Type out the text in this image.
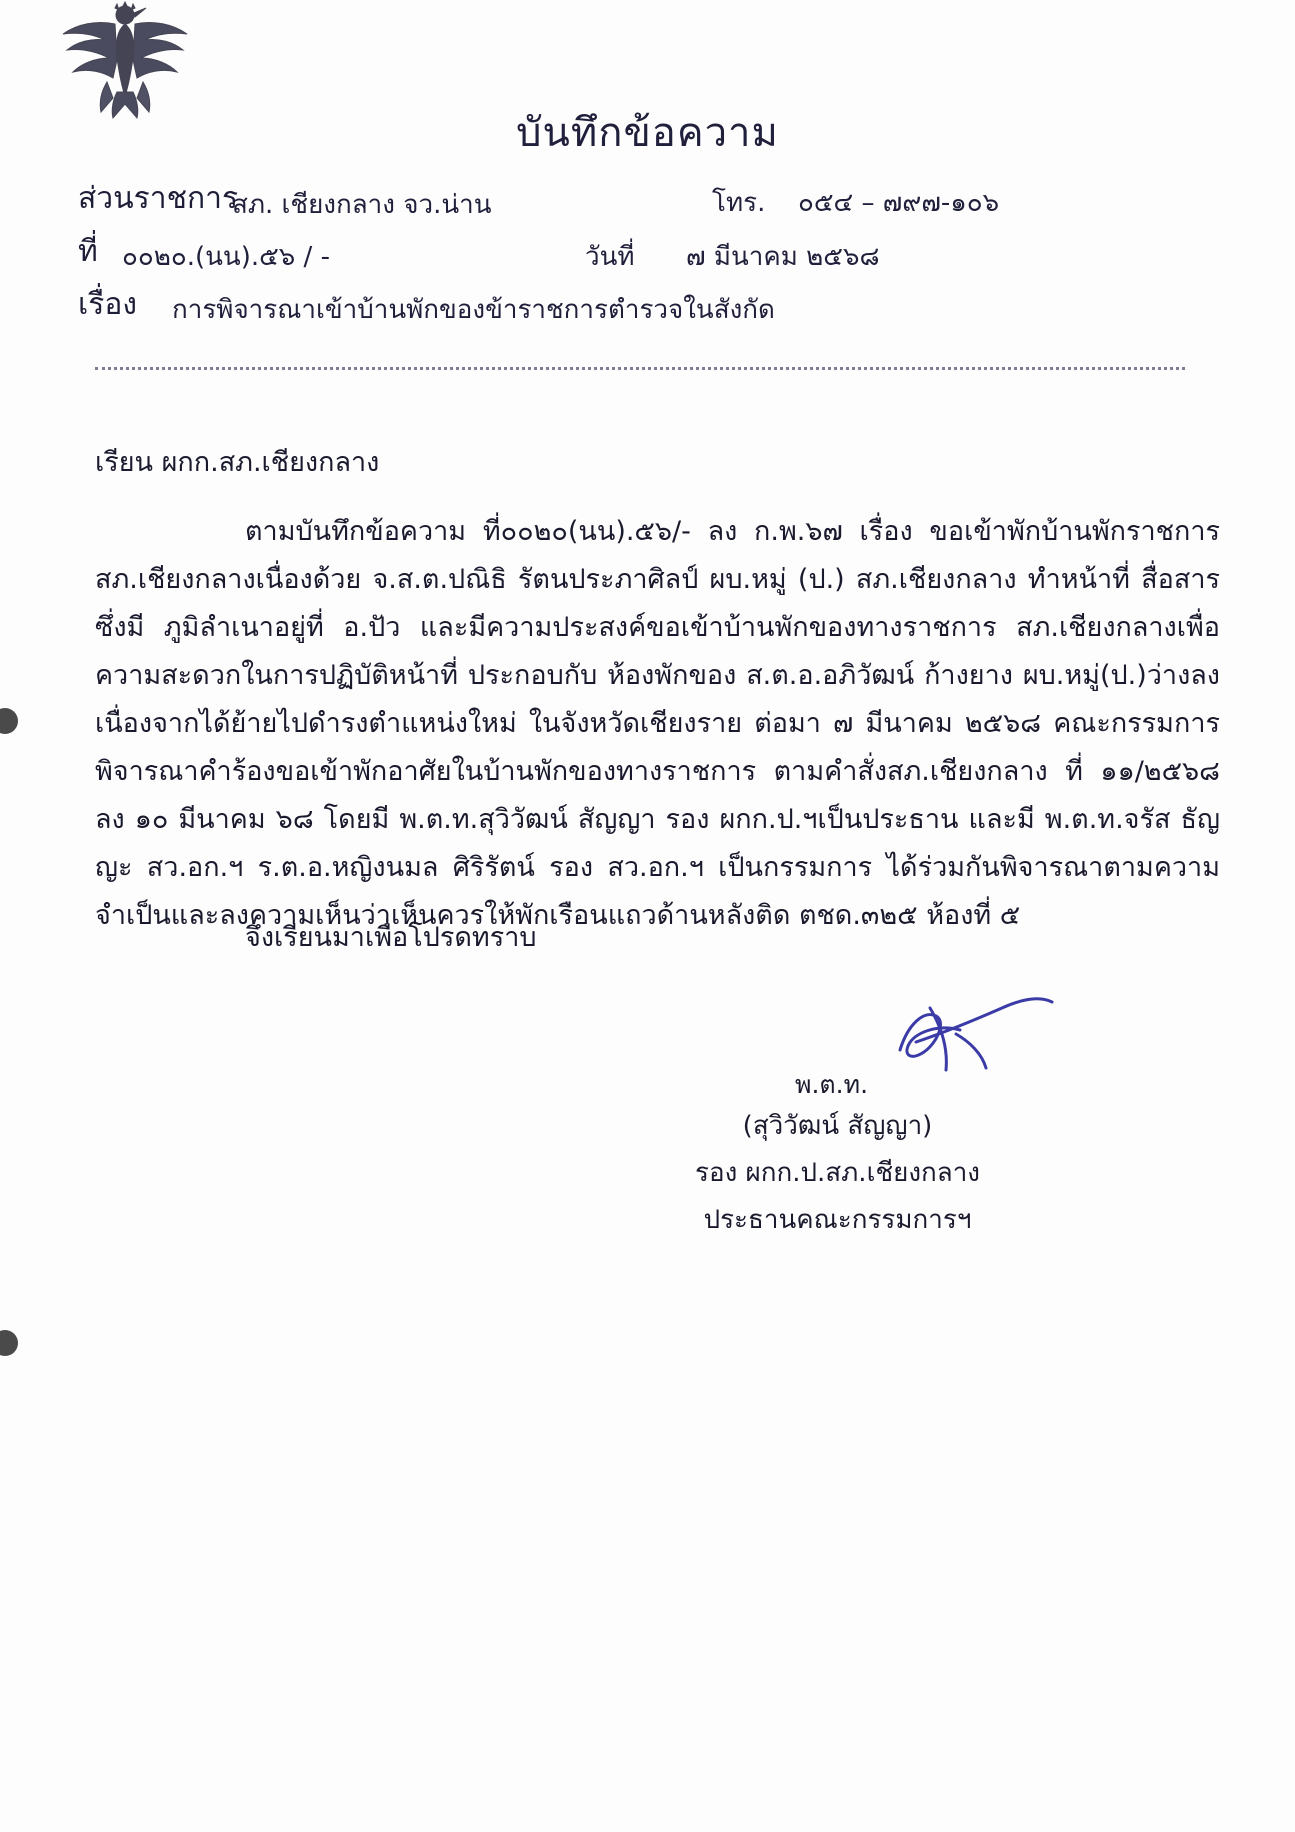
บันทึกข้อความ
ส่วนราชการ
สภ. เชียงกลาง จว.น่าน	โทร. ๐๕๔ – ๗๙๗-๑๐๖
ที่ ๐๐๒๐.(นน).๕๖ / -	วันที่ ๗ มีนาคม ๒๕๖๘
เรื่อง การพิจารณาเข้าบ้านพักของข้าราชการตำรวจในสังกัด
เรียน ผกก.สภ.เชียงกลาง
ตามบันทึกข้อความ ที่๐๐๒๐(นน).๕๖/- ลง ก.พ.๖๗ เรื่อง ขอเข้าพักบ้านพักราชการ สภ.เชียงกลางเนื่องด้วย จ.ส.ต.ปณิธิ รัตนประภาศิลป์ ผบ.หมู่ (ป.) สภ.เชียงกลาง ทำหน้าที่ สื่อสาร ซึ่งมี ภูมิลำเนาอยู่ที่ อ.ปัว และมีความประสงค์ขอเข้าบ้านพักของทางราชการ สภ.เชียงกลางเพื่อความสะดวกในการปฏิบัติหน้าที่ ประกอบกับ ห้องพักของ ส.ต.อ.อภิวัฒน์ ก้างยาง ผบ.หมู่(ป.)ว่างลงเนื่องจากได้ย้ายไปดำรงตำแหน่งใหม่ ในจังหวัดเชียงราย ต่อมา ๗ มีนาคม ๒๕๖๘ คณะกรรมการพิจารณาคำร้องขอเข้าพักอาศัยในบ้านพักของทางราชการ ตามคำสั่งสภ.เชียงกลาง ที่ ๑๑/๒๕๖๘ ลง ๑๐ มีนาคม ๖๘ โดยมี พ.ต.ท.สุวิวัฒน์ สัญญา รอง ผกก.ป.ฯเป็นประธาน และมี พ.ต.ท.จรัส ธัญญะ สว.อก.ฯ ร.ต.อ.หญิงนมล ศิริรัตน์ รอง สว.อก.ฯ เป็นกรรมการ ได้ร่วมกันพิจารณาตามความจำเป็นและลงความเห็นว่าเห็นควรให้พักเรือนแถวด้านหลังติด ตชด.๓๒๕ ห้องที่ ๕
จึงเรียนมาเพื่อโปรดทราบ
พ.ต.ท.
(สุวิวัฒน์ สัญญา)
รอง ผกก.ป.สภ.เชียงกลาง
ประธานคณะกรรมการฯ
